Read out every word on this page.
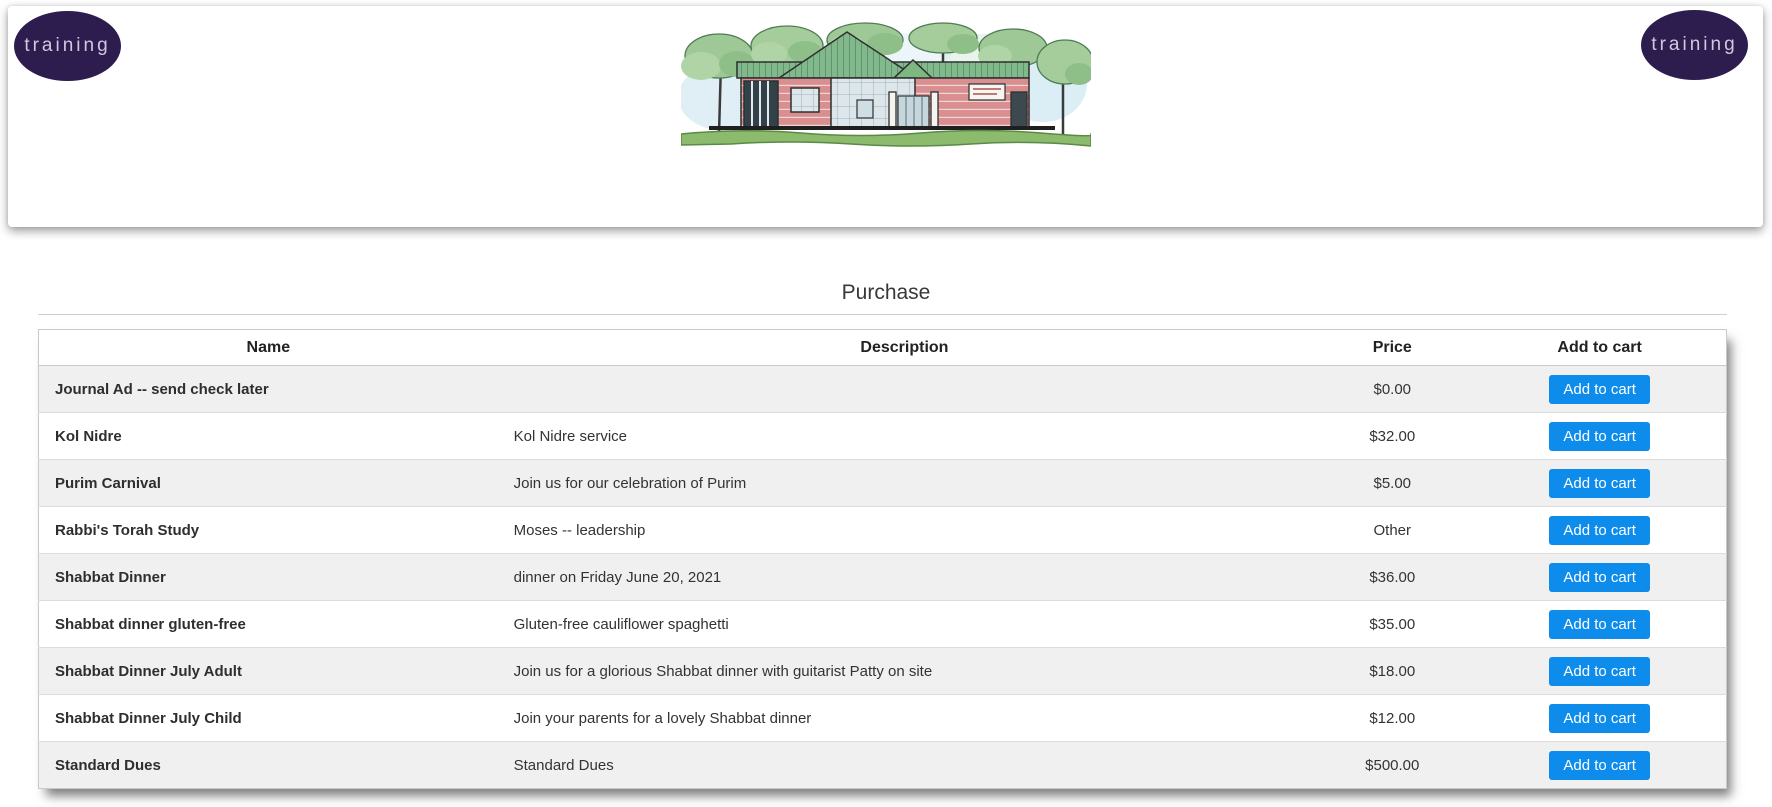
training	training
Purchase
Name	Description	Price	Add to cart
Journal Ad -- send check later		$0.00	Add to cart
Kol Nidre	Kol Nidre service	$32.00	Add to cart
Purim Carnival	Join us for our celebration of Purim	$5.00	Add to cart
Rabbi's Torah Study	Moses -- leadership	Other	Add to cart
Shabbat Dinner	dinner on Friday June 20, 2021	$36.00	Add to cart
Shabbat dinner gluten-free	Gluten-free cauliflower spaghetti	$35.00	Add to cart
Shabbat Dinner July Adult	Join us for a glorious Shabbat dinner with guitarist Patty on site	$18.00	Add to cart
Shabbat Dinner July Child	Join your parents for a lovely Shabbat dinner	$12.00	Add to cart
Standard Dues	Standard Dues	$500.00	Add to cart
